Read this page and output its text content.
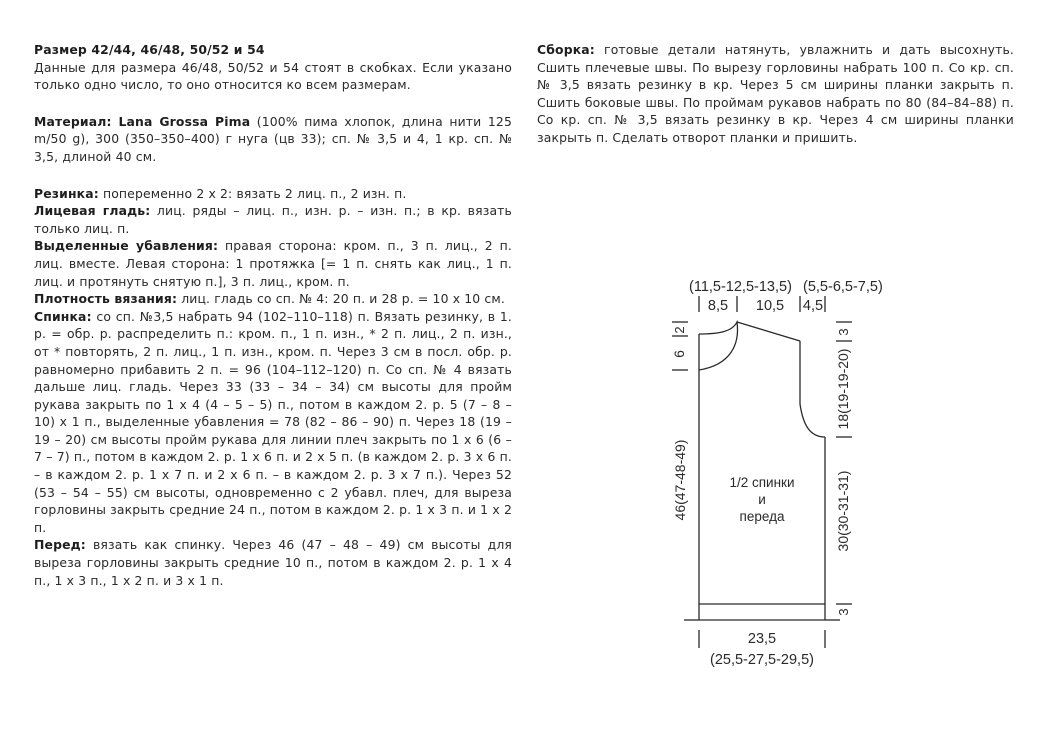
Размер 42/44, 46/48, 50/52 и 54
Данные для размера 46/48, 50/52 и 54 стоят в скобках. Если указано только одно число, то оно относится ко всем размерам.

Материал: Lana Grossa Pima (100% пима хлопок, длина нити 125 m/50 g), 300 (350–350–400) г нуга (цв 33); сп. № 3,5 и 4, 1 кр. сп. № 3,5, длиной 40 см.

Резинка: попеременно 2 х 2: вязать 2 лиц. п., 2 изн. п.

Лицевая гладь: лиц. ряды – лиц. п., изн. р. – изн. п.; в кр. вязать только лиц. п.

Выделенные убавления: правая сторона: кром. п., 3 п. лиц., 2 п. лиц. вместе. Левая сторона: 1 протяжка [= 1 п. снять как лиц., 1 п. лиц. и протянуть снятую п.], 3 п. лиц., кром. п.

Плотность вязания: лиц. гладь со сп. № 4: 20 п. и 28 р. = 10 х 10 см.

Спинка: со сп. №3,5 набрать 94 (102–110–118) п. Вязать резинку, в 1. р. = обр. р. распределить п.: кром. п., 1 п. изн., * 2 п. лиц., 2 п. изн., от * повторять, 2 п. лиц., 1 п. изн., кром. п. Через 3 см в посл. обр. р. равномерно прибавить 2 п. = 96 (104–112–120) п. Со сп. № 4 вязать дальше лиц. гладь. Через 33 (33 – 34 – 34) см высоты для пройм рукава закрыть по 1 х 4 (4 – 5 – 5) п., потом в каждом 2. р. 5 (7 – 8 – 10) х 1 п., выделенные убавления = 78 (82 – 86 – 90) п. Через 18 (19 – 19 – 20) см высоты пройм рукава для линии плеч закрыть по 1 х 6 (6 – 7 – 7) п., потом в каждом 2. р. 1 х 6 п. и 2 х 5 п. (в каждом 2. р. 3 х 6 п. – в каждом 2. р. 1 х 7 п. и 2 х 6 п. – в каждом 2. р. 3 х 7 п.). Через 52 (53 – 54 – 55) см высоты, одновременно с 2 убавл. плеч, для выреза горловины закрыть средние 24 п., потом в каждом 2. р. 1 х 3 п. и 1 х 2 п.

Перед: вязать как спинку. Через 46 (47 – 48 – 49) см высоты для выреза горловины закрыть средние 10 п., потом в каждом 2. р. 1 х 4 п., 1 х 3 п., 1 х 2 п. и 3 х 1 п.

Сборка: готовые детали натянуть, увлажнить и дать высохнуть. Сшить плечевые швы. По вырезу горловины набрать 100 п. Со кр. сп. № 3,5 вязать резинку в кр. Через 5 см ширины планки закрыть п. Сшить боковые швы. По проймам рукавов набрать по 80 (84–84–88) п. Со кр. сп. № 3,5 вязать резинку в кр. Через 4 см ширины планки закрыть п. Сделать отворот планки и пришить.

(11,5-12,5-13,5) (5,5-6,5-7,5)
8,5 10,5 4,5
2
6
46(47-48-49)
3
18(19-19-20)
30(30-31-31)
3
1/2 спинки
и
переда
23,5
(25,5-27,5-29,5)
